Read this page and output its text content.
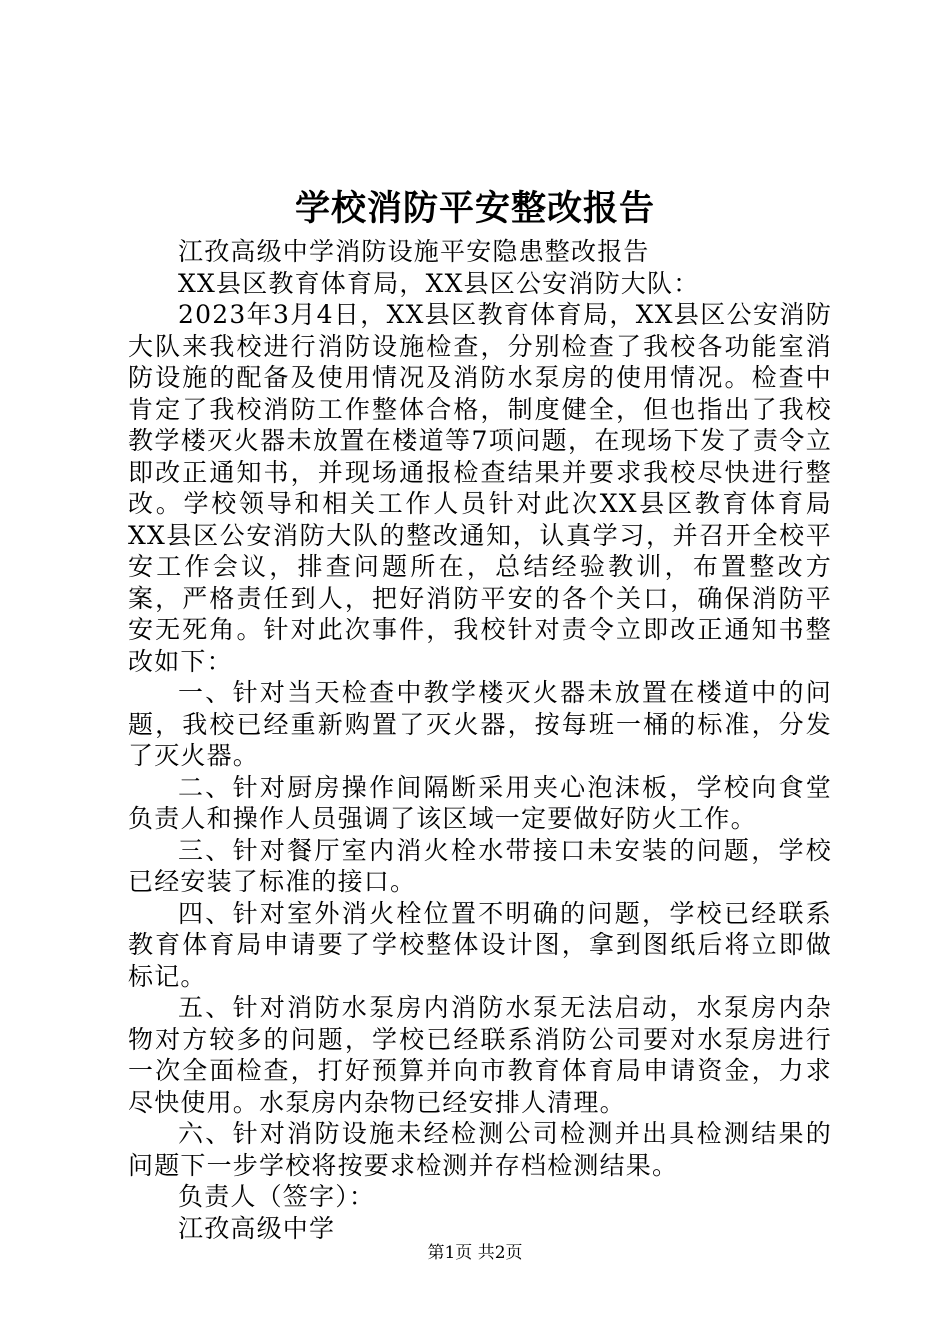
学校消防平安整改报告

江孜高级中学消防设施平安隐患整改报告

XX县区教育体育局，XX县区公安消防大队：

2023年3月4日，XX县区教育体育局，XX县区公安消防大队来我校进行消防设施检查，分别检查了我校各功能室消防设施的配备及使用情况及消防水泵房的使用情况。检查中肯定了我校消防工作整体合格，制度健全，但也指出了我校教学楼灭火器未放置在楼道等7项问题，在现场下发了责令立即改正通知书，并现场通报检查结果并要求我校尽快进行整改。学校领导和相关工作人员针对此次XX县区教育体育局XX县区公安消防大队的整改通知，认真学习，并召开全校平安工作会议，排查问题所在，总结经验教训，布置整改方案，严格责任到人，把好消防平安的各个关口，确保消防平安无死角。针对此次事件，我校针对责令立即改正通知书整改如下：

一、针对当天检查中教学楼灭火器未放置在楼道中的问题，我校已经重新购置了灭火器，按每班一桶的标准，分发了灭火器。

二、针对厨房操作间隔断采用夹心泡沫板，学校向食堂负责人和操作人员强调了该区域一定要做好防火工作。

三、针对餐厅室内消火栓水带接口未安装的问题，学校已经安装了标准的接口。

四、针对室外消火栓位置不明确的问题，学校已经联系教育体育局申请要了学校整体设计图，拿到图纸后将立即做标记。

五、针对消防水泵房内消防水泵无法启动，水泵房内杂物对方较多的问题，学校已经联系消防公司要对水泵房进行一次全面检查，打好预算并向市教育体育局申请资金，力求尽快使用。水泵房内杂物已经安排人清理。

六、针对消防设施未经检测公司检测并出具检测结果的问题下一步学校将按要求检测并存档检测结果。

负责人（签字）：

江孜高级中学

第1页 共2页
